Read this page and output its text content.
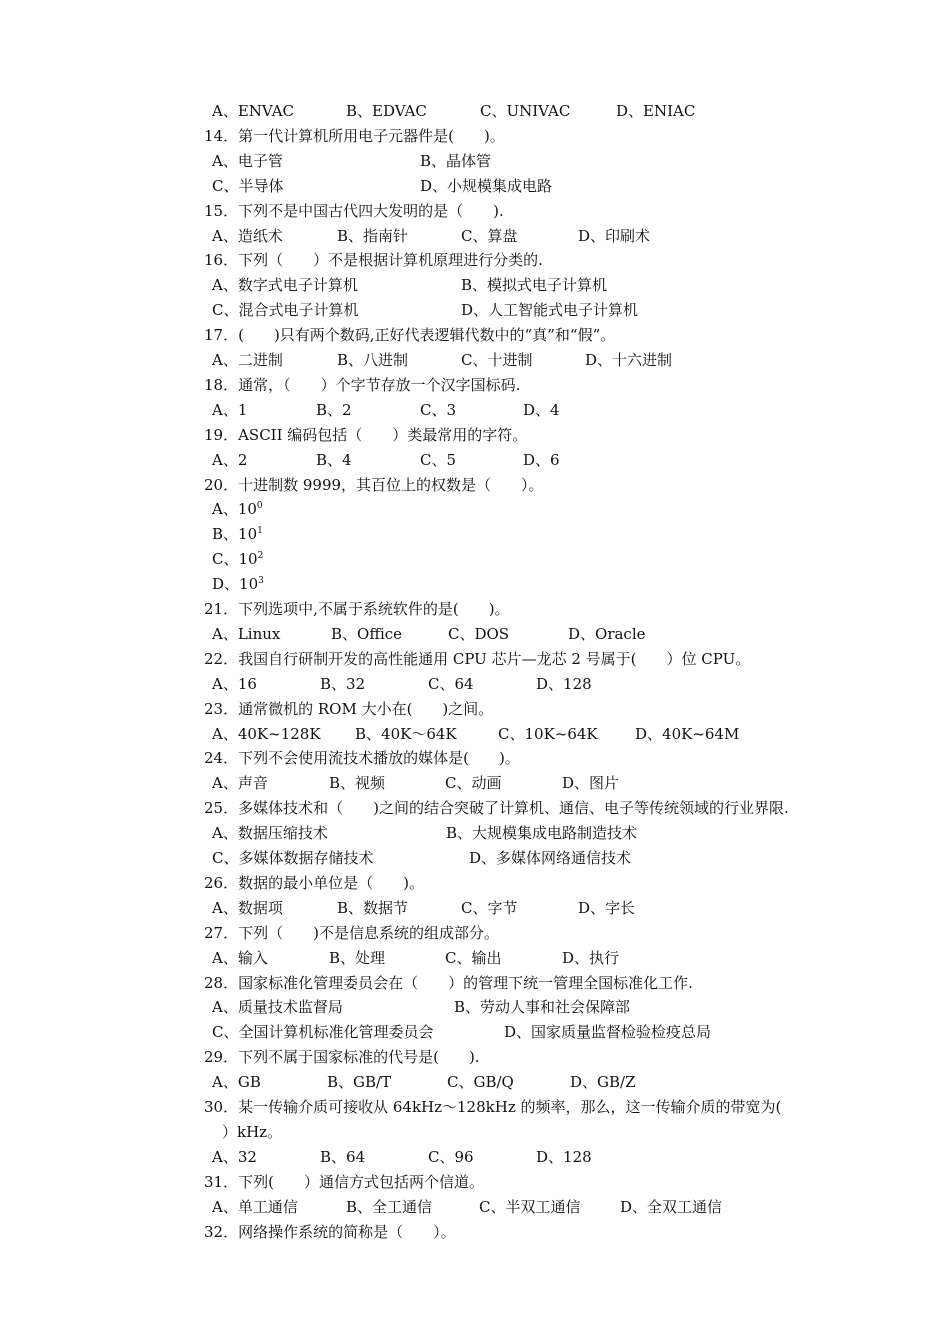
A、ENVAC	B、EDVAC	C、UNIVAC	D、ENIAC
14．第一代计算机所用电子元器件是(　　)。
A、电子管	B、晶体管
C、半导体	D、小规模集成电路
15．下列不是中国古代四大发明的是（　　).
A、造纸术	B、指南针	C、算盘	D、印刷术
16．下列（　　）不是根据计算机原理进行分类的.
A、数字式电子计算机	B、模拟式电子计算机
C、混合式电子计算机	D、人工智能式电子计算机
17．(　　)只有两个数码,正好代表逻辑代数中的“真”和“假”。
A、二进制	B、八进制	C、十进制	D、十六进制
18．通常，（　　）个字节存放一个汉字国标码.
A、1	B、2	C、3	D、4
19．ASCII 编码包括（　　）类最常用的字符。
A、2	B、4	C、5	D、6
20．十进制数 9999，其百位上的权数是（　　）。
A、$10^0$
B、$10^1$
C、$10^2$
D、$10^3$
21．下列选项中,不属于系统软件的是(　　)。
A、Linux	B、Office	C、DOS	D、Oracle
22．我国自行研制开发的高性能通用 CPU 芯片—龙芯 2 号属于(　　）位 CPU。
A、16	B、32	C、64	D、128
23．通常微机的 ROM 大小在(　　)之间。
A、40K~128K B、40K～64K	C、10K~64K D、40K~64M
24．下列不会使用流技术播放的媒体是(　　)。
A、声音	B、视频	C、动画	D、图片
25．多媒体技术和（　　)之间的结合突破了计算机、通信、电子等传统领域的行业界限.
A、数据压缩技术	B、大规模集成电路制造技术
C、多媒体数据存储技术	D、多媒体网络通信技术
26．数据的最小单位是（　　)。
A、数据项	B、数据节	C、字节	D、字长
27．下列（　　)不是信息系统的组成部分。
A、输入	B、处理	C、输出	D、执行
28．国家标准化管理委员会在（　　）的管理下统一管理全国标准化工作.
A、质量技术监督局	B、劳动人事和社会保障部
C、全国计算机标准化管理委员会	D、国家质量监督检验检疫总局
29．下列不属于国家标准的代号是(　　).
A、GB	B、GB/T	C、GB/Q	D、GB/Z
30．某一传输介质可接收从 64kHz～128kHz 的频率，那么，这一传输介质的带宽为(
）kHz。
A、32	B、64	C、96	D、128
31．下列(　　）通信方式包括两个信道。
A、单工通信	B、全工通信	C、半双工通信	D、全双工通信
32．网络操作系统的简称是（　　）。
